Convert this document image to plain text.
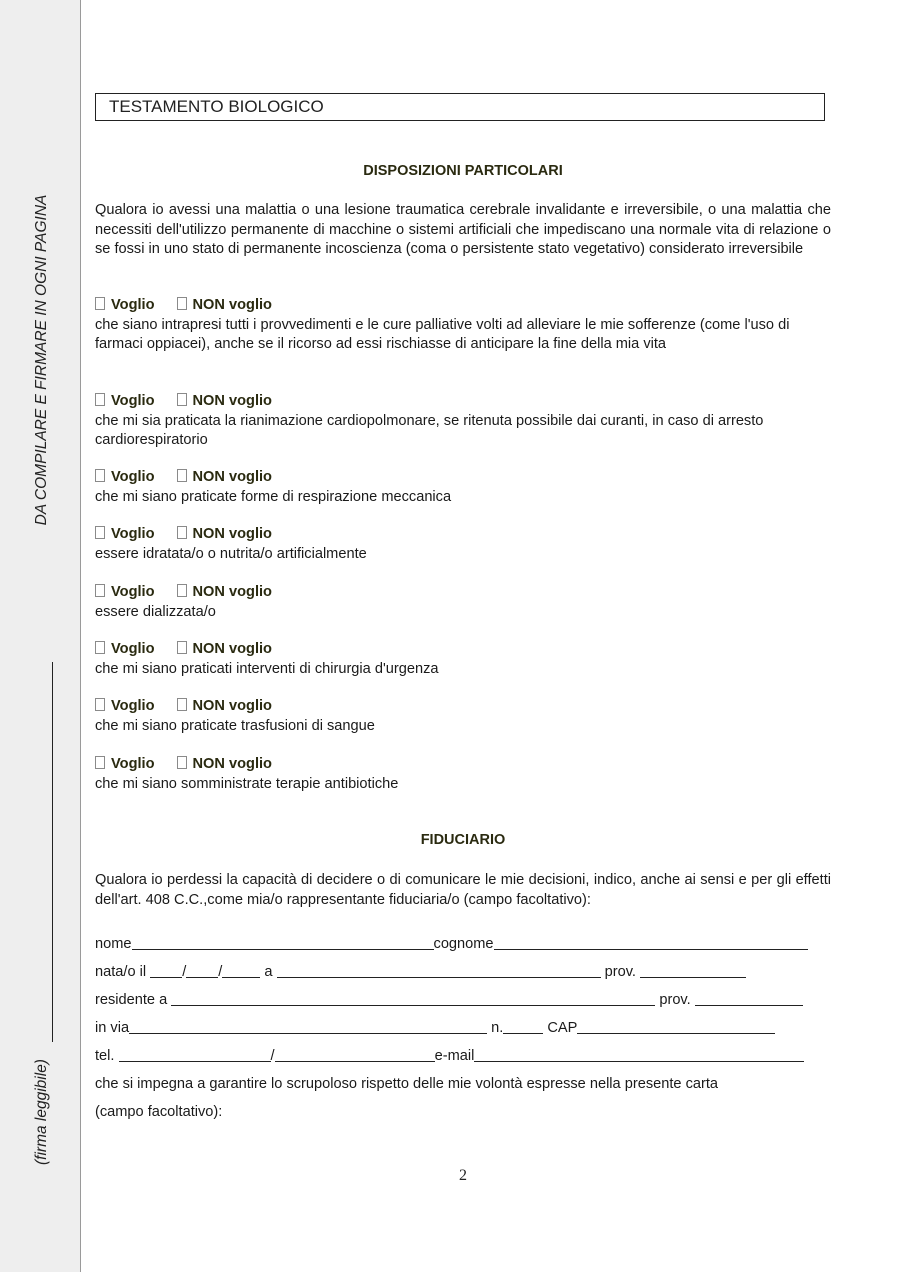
DA COMPILARE E FIRMARE IN OGNI PAGINA
(firma leggibile)
TESTAMENTO BIOLOGICO
DISPOSIZIONI PARTICOLARI
Qualora io avessi una malattia o una lesione traumatica cerebrale invalidante e irreversibile, o una malattia che necessiti dell'utilizzo permanente di macchine o sistemi artificiali che impediscano una normale vita di relazione o se fossi in uno stato di permanente incoscienza (coma o persistente stato vegetativo) considerato irreversibile
Voglio	NON voglio
che siano intrapresi tutti i provvedimenti e le cure palliative volti ad alleviare le mie sofferenze (come l'uso di farmaci oppiacei), anche se il ricorso ad essi rischiasse di anticipare la fine della mia vita
Voglio	NON voglio
che mi sia praticata la rianimazione cardiopolmonare, se ritenuta possibile dai curanti, in caso di arresto cardiorespiratorio
Voglio	NON voglio
che mi siano praticate forme di respirazione meccanica
Voglio	NON voglio
essere idratata/o o nutrita/o artificialmente
Voglio	NON voglio
essere dializzata/o
Voglio	NON voglio
che mi siano praticati interventi di chirurgia d'urgenza
Voglio	NON voglio
che mi siano praticate trasfusioni di sangue
Voglio	NON voglio
che mi siano somministrate terapie antibiotiche
FIDUCIARIO
Qualora io perdessi la capacità di decidere o di comunicare le mie decisioni, indico, anche ai sensi e per gli effetti dell'art. 408 C.C.,come mia/o rappresentante fiduciaria/o (campo facoltativo):
nome	cognome
nata/o il / /	a	prov.
residente a	prov.
in via	n.	CAP
tel.	/	e-mail
che si impegna a garantire lo scrupoloso rispetto delle mie volontà espresse nella presente carta
(campo facoltativo):
2
